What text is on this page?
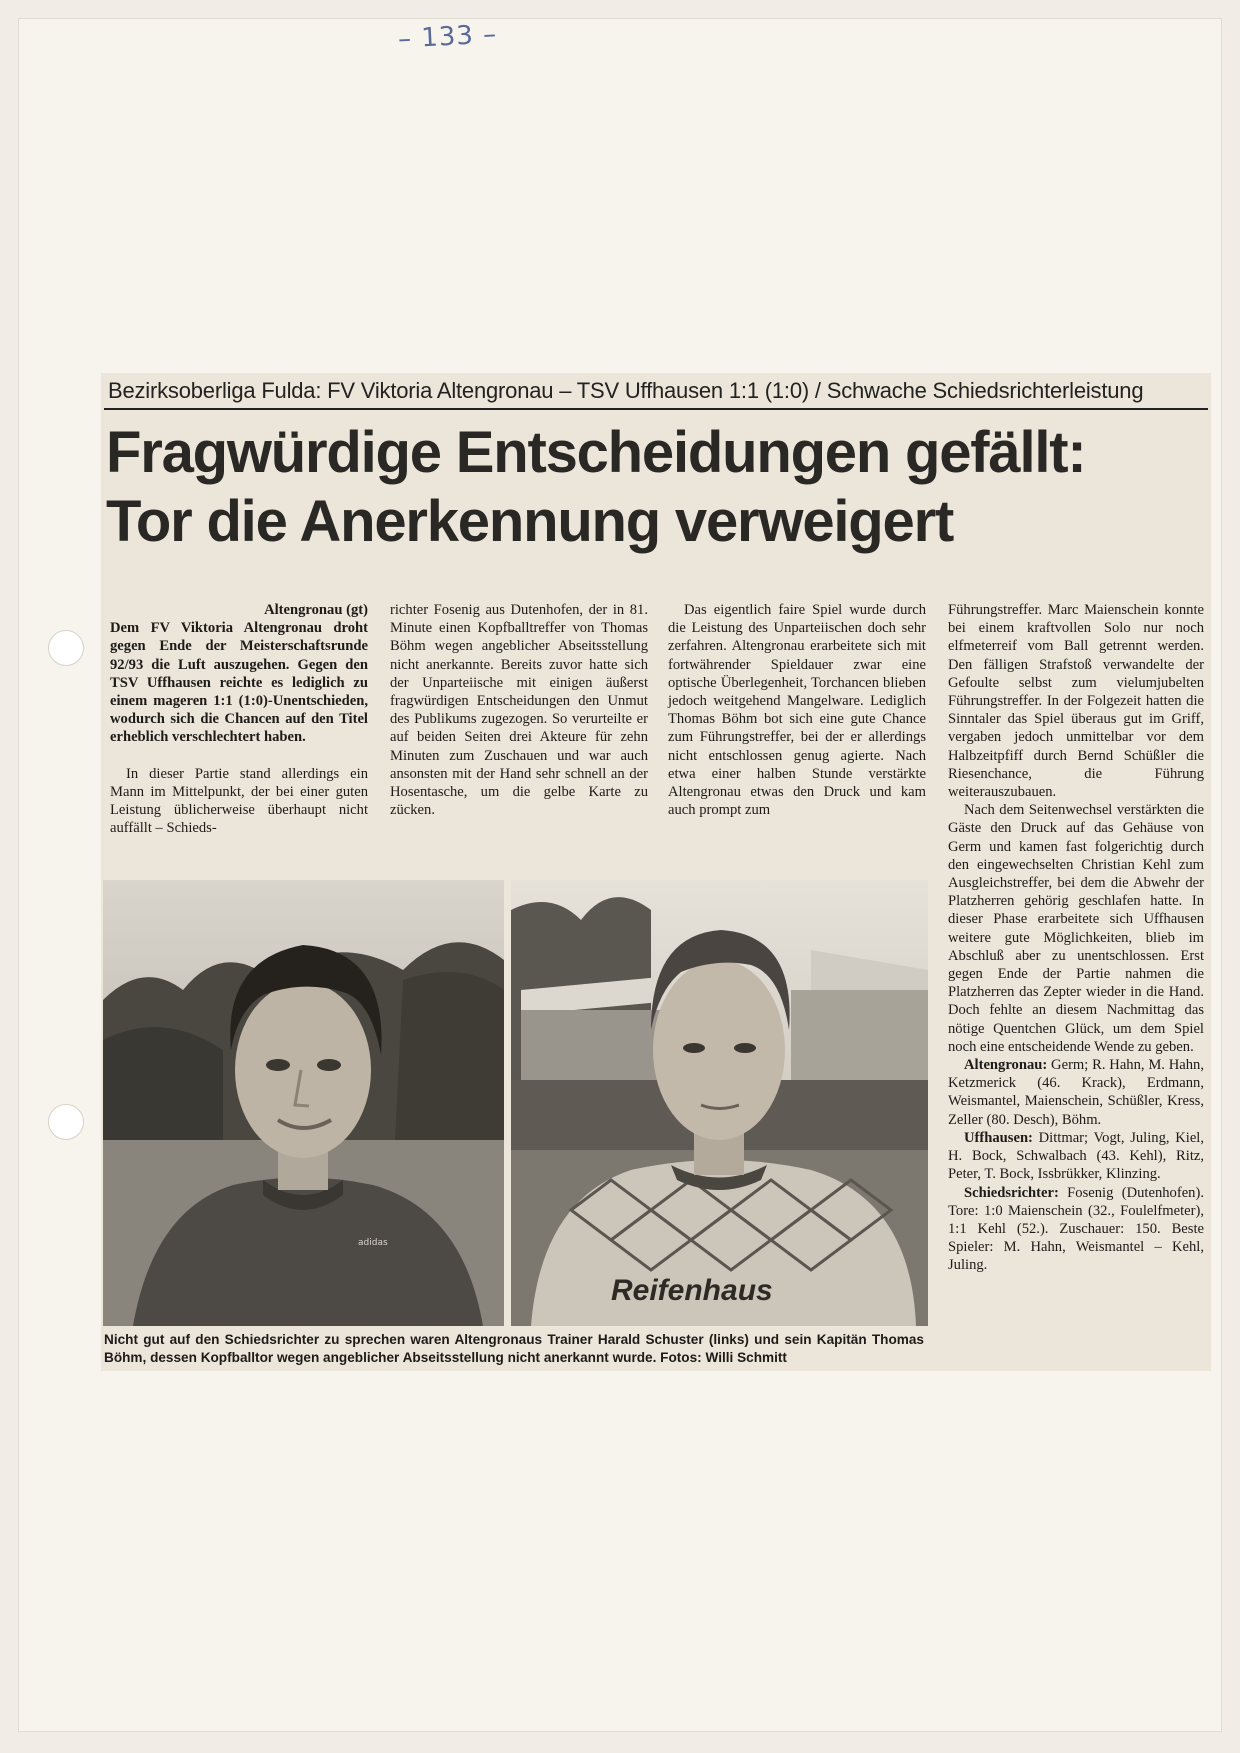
– 133 –
Bezirksoberliga Fulda: FV Viktoria Altengronau – TSV Uffhausen 1:1 (1:0) / Schwache Schiedsrichterleistung
Fragwürdige Entscheidungen gefällt:
Tor die Anerkennung verweigert

Altengronau (gt)
Dem FV Viktoria Altengronau droht gegen Ende der Meisterschaftsrunde 92/93 die Luft auszugehen. Gegen den TSV Uffhausen reichte es lediglich zu einem mageren 1:1 (1:0)-Unentschieden, wodurch sich die Chancen auf den Titel erheblich verschlechtert haben.

In dieser Partie stand allerdings ein Mann im Mittelpunkt, der bei einer guten Leistung üblicherweise überhaupt nicht auffällt – Schieds-

richter Fosenig aus Dutenhofen, der in 81. Minute einen Kopfballtreffer von Thomas Böhm wegen angeblicher Abseitsstellung nicht anerkannte. Bereits zuvor hatte sich der Unparteiische mit einigen äußerst fragwürdigen Entscheidungen den Unmut des Publikums zugezogen. So verurteilte er auf beiden Seiten drei Akteure für zehn Minuten zum Zuschauen und war auch ansonsten mit der Hand sehr schnell an der Hosentasche, um die gelbe Karte zu zücken.

Das eigentlich faire Spiel wurde durch die Leistung des Unparteiischen doch sehr zerfahren. Altengronau erarbeitete sich mit fortwährender Spieldauer zwar eine optische Überlegenheit, Torchancen blieben jedoch weitgehend Mangelware. Lediglich Thomas Böhm bot sich eine gute Chance zum Führungstreffer, bei der er allerdings nicht entschlossen genug agierte. Nach etwa einer halben Stunde verstärkte Altengronau etwas den Druck und kam auch prompt zum

Führungstreffer. Marc Maienschein konnte bei einem kraftvollen Solo nur noch elfmeterreif vom Ball getrennt werden. Den fälligen Strafstoß verwandelte der Gefoulte selbst zum vielumjubelten Führungstreffer. In der Folgezeit hatten die Sinntaler das Spiel überaus gut im Griff, vergaben jedoch unmittelbar vor dem Halbzeitpfiff durch Bernd Schüßler die Riesenchance, die Führung weiterauszubauen.

Nach dem Seitenwechsel verstärkten die Gäste den Druck auf das Gehäuse von Germ und kamen fast folgerichtig durch den eingewechselten Christian Kehl zum Ausgleichstreffer, bei dem die Abwehr der Platzherren gehörig geschlafen hatte. In dieser Phase erarbeitete sich Uffhausen weitere gute Möglichkeiten, blieb im Abschluß aber zu unentschlossen. Erst gegen Ende der Partie nahmen die Platzherren das Zepter wieder in die Hand. Doch fehlte an diesem Nachmittag das nötige Quentchen Glück, um dem Spiel noch eine entscheidende Wende zu geben.

Altengronau: Germ; R. Hahn, M. Hahn, Ketzmerick (46. Krack), Erdmann, Weismantel, Maienschein, Schüßler, Kress, Zeller (80. Desch), Böhm.

Uffhausen: Dittmar; Vogt, Juling, Kiel, H. Bock, Schwalbach (43. Kehl), Ritz, Peter, T. Bock, Issbrükker, Klinzing.

Schiedsrichter: Fosenig (Dutenhofen). Tore: 1:0 Maienschein (32., Foulelfmeter), 1:1 Kehl (52.). Zuschauer: 150. Beste Spieler: M. Hahn, Weismantel – Kehl, Juling.

adidas
Reifenhaus
Nicht gut auf den Schiedsrichter zu sprechen waren Altengronaus Trainer Harald Schuster (links) und sein Kapitän Thomas Böhm, dessen Kopfballtor wegen angeblicher Abseitsstellung nicht anerkannt wurde. Fotos: Willi Schmitt
